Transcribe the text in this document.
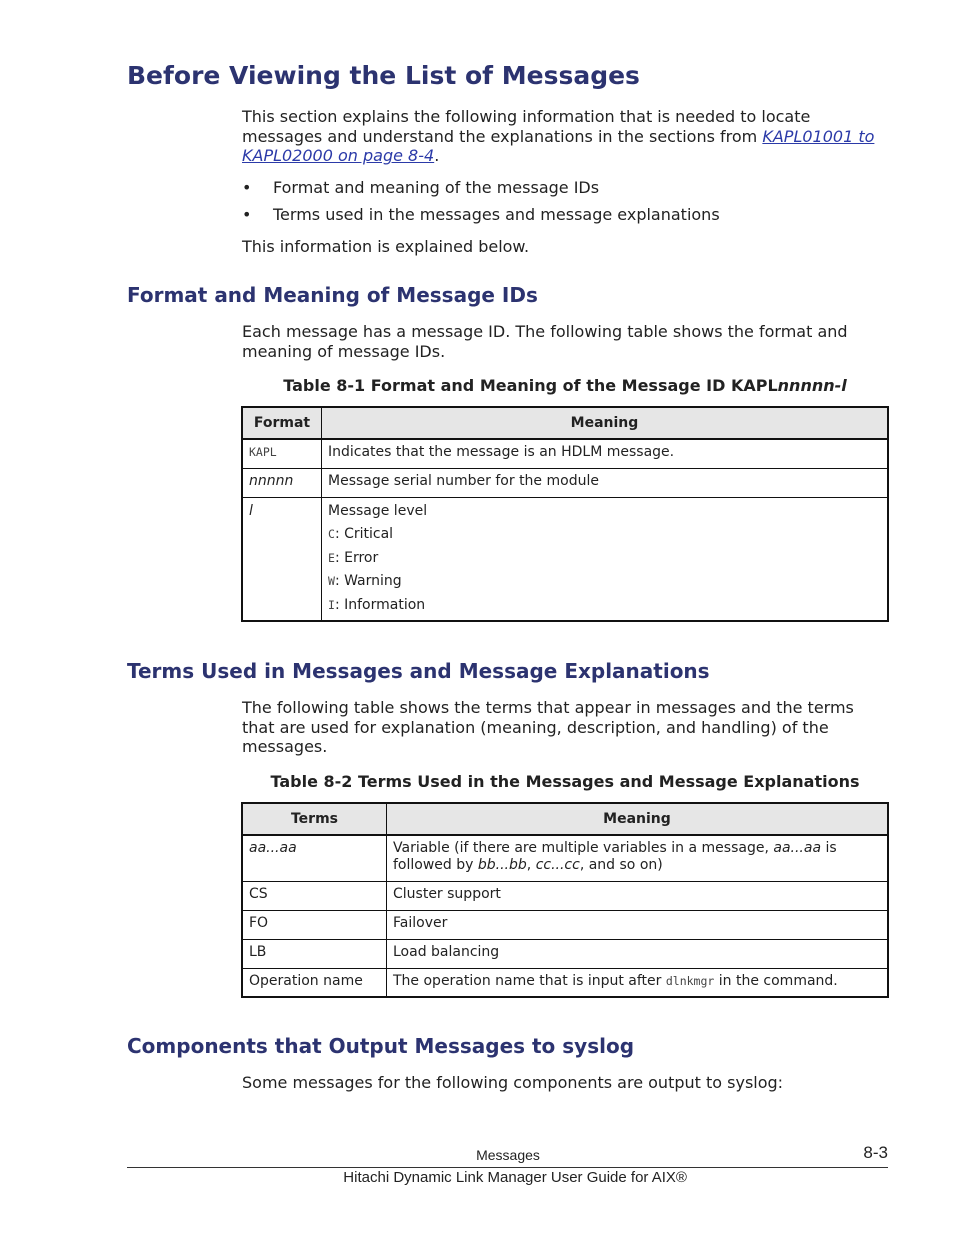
Before Viewing the List of Messages

This section explains the following information that is needed to locate messages and understand the explanations in the sections from KAPL01001 to KAPL02000 on page 8-4.

• Format and meaning of the message IDs
• Terms used in the messages and message explanations

This information is explained below.

Format and Meaning of Message IDs

Each message has a message ID. The following table shows the format and meaning of message IDs.

Table 8-1 Format and Meaning of the Message ID KAPLnnnnn-l
Format	Meaning
KAPL	Indicates that the message is an HDLM message.
nnnnn	Message serial number for the module
l	Message level
C: Critical
E: Error
W: Warning
I: Information
Terms Used in Messages and Message Explanations

The following table shows the terms that appear in messages and the terms that are used for explanation (meaning, description, and handling) of the messages.

Table 8-2 Terms Used in the Messages and Message Explanations
Terms	Meaning
aa...aa	Variable (if there are multiple variables in a message, aa...aa is followed by bb...bb, cc...cc, and so on)
CS	Cluster support
FO	Failover
LB	Load balancing
Operation name	The operation name that is input after dlnkmgr in the command.
Components that Output Messages to syslog

Some messages for the following components are output to syslog:

Messages	8-3
Hitachi Dynamic Link Manager User Guide for AIX®
